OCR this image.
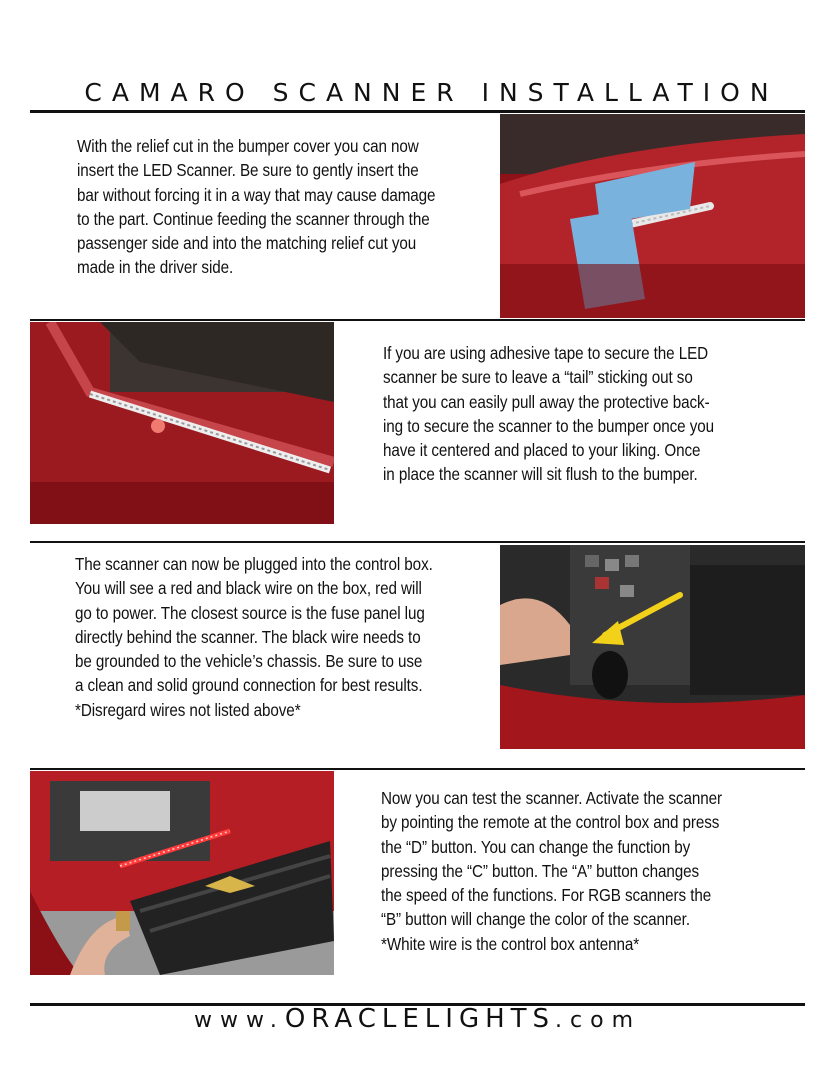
CAMARO SCANNER INSTALLATION
With the relief cut in the bumper cover you can now
insert the LED Scanner. Be sure to gently insert the
bar without forcing it in a way that may cause damage
to the part. Continue feeding the scanner through the
passenger side and into the matching relief cut you
made in the driver side.
If you are using adhesive tape to secure the LED
scanner be sure to leave a “tail” sticking out so
that you can easily pull away the protective back-
ing to secure the scanner to the bumper once you
have it centered and placed to your liking. Once
in place the scanner will sit flush to the bumper.
The scanner can now be plugged into the control box.
You will see a red and black wire on the box, red will
go to power. The closest source is the fuse panel lug
directly behind the scanner. The black wire needs to
be grounded to the vehicle’s chassis. Be sure to use
a clean and solid ground connection for best results.
*Disregard wires not listed above*
Now you can test the scanner. Activate the scanner
by pointing the remote at the control box and press
the “D” button. You can change the function by
pressing the “C” button. The “A” button changes
the speed of the functions. For RGB scanners the
“B” button will change the color of the scanner.
*White wire is the control box antenna*
www.ORACLELIGHTS.com
